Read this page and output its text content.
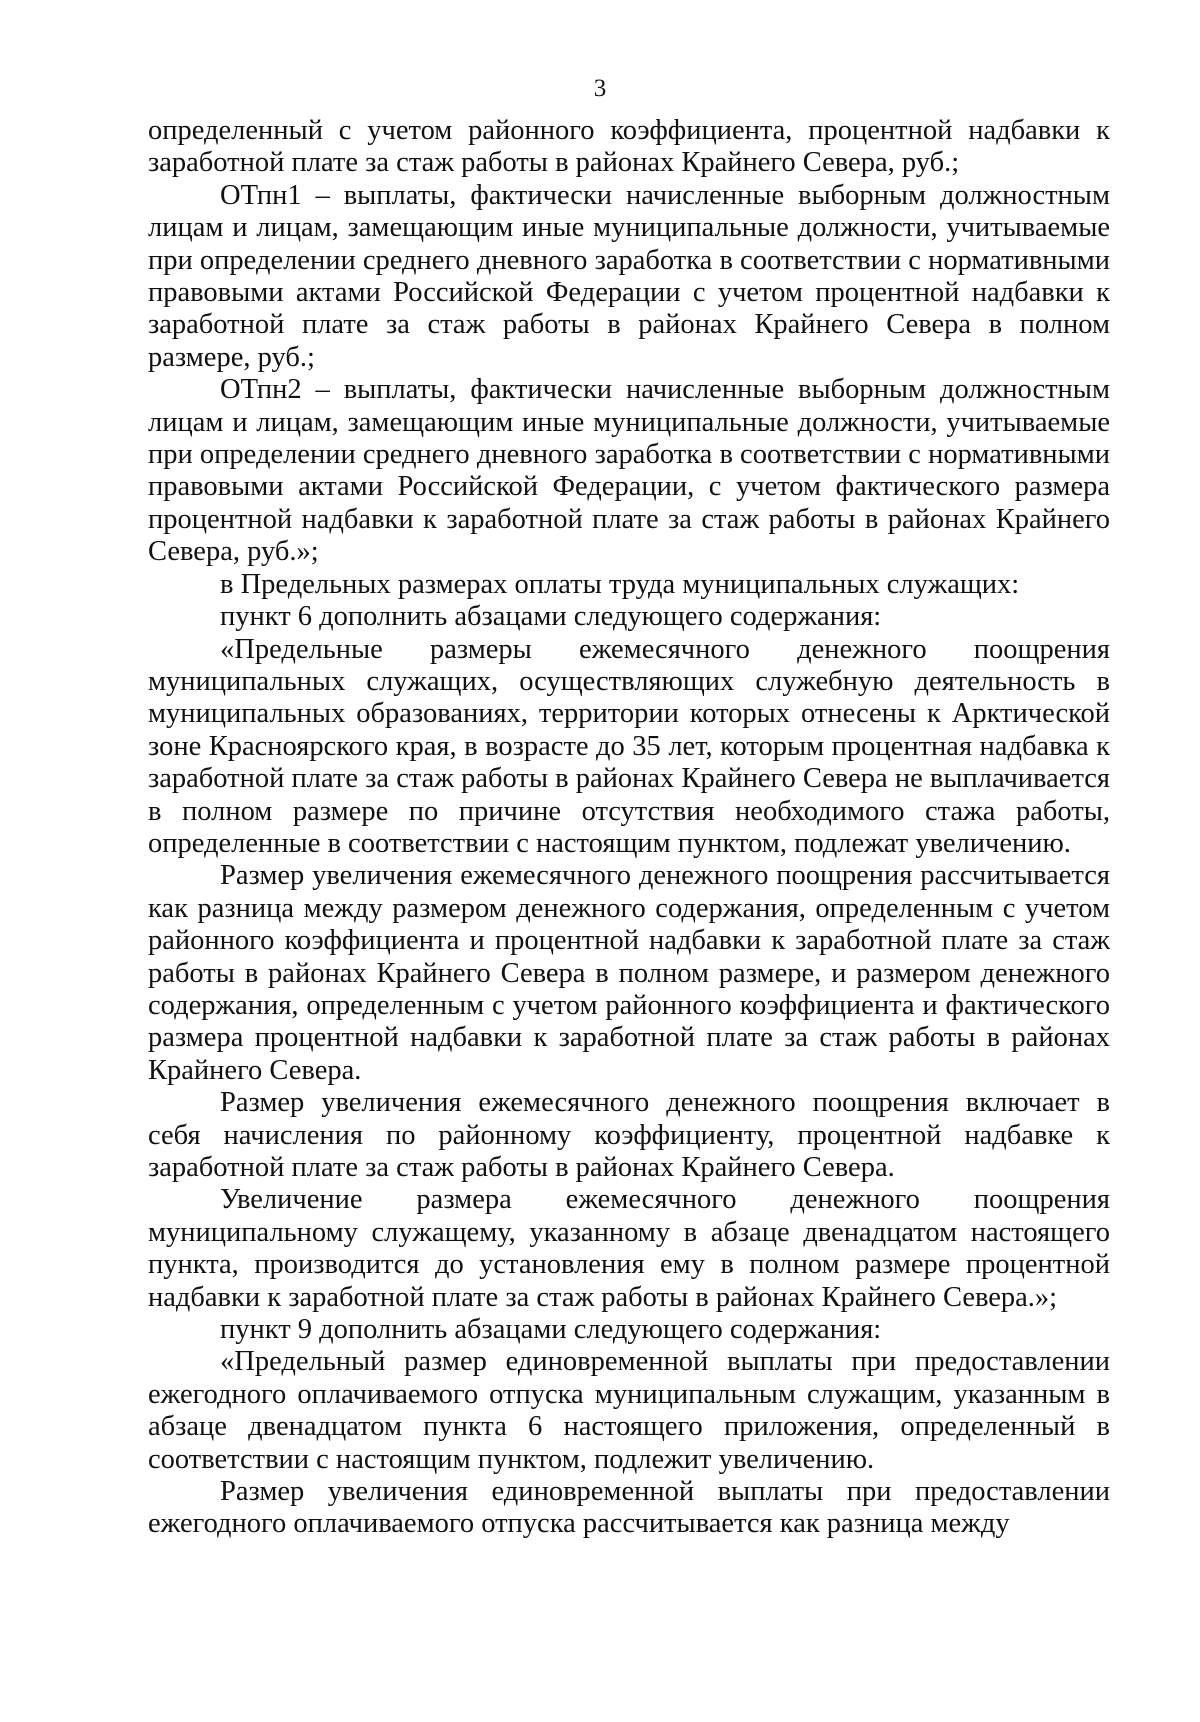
3

определенный с учетом районного коэффициента, процентной надбавки к заработной плате за стаж работы в районах Крайнего Севера, руб.;

ОТпн1 – выплаты, фактически начисленные выборным должностным лицам и лицам, замещающим иные муниципальные должности, учитываемые при определении среднего дневного заработка в соответствии с нормативными правовыми актами Российской Федерации с учетом процентной надбавки к заработной плате за стаж работы в районах Крайнего Севера в полном размере, руб.;

ОТпн2 – выплаты, фактически начисленные выборным должностным лицам и лицам, замещающим иные муниципальные должности, учитываемые при определении среднего дневного заработка в соответствии с нормативными правовыми актами Российской Федерации, с учетом фактического размера процентной надбавки к заработной плате за стаж работы в районах Крайнего Севера, руб.»;

в Предельных размерах оплаты труда муниципальных служащих:

пункт 6 дополнить абзацами следующего содержания:

«Предельные размеры ежемесячного денежного поощрения муниципальных служащих, осуществляющих служебную деятельность в муниципальных образованиях, территории которых отнесены к Арктической зоне Красноярского края, в возрасте до 35 лет, которым процентная надбавка к заработной плате за стаж работы в районах Крайнего Севера не выплачивается в полном размере по причине отсутствия необходимого стажа работы, определенные в соответствии с настоящим пунктом, подлежат увеличению.

Размер увеличения ежемесячного денежного поощрения рассчитывается как разница между размером денежного содержания, определенным с учетом районного коэффициента и процентной надбавки к заработной плате за стаж работы в районах Крайнего Севера в полном размере, и размером денежного содержания, определенным с учетом районного коэффициента и фактического размера процентной надбавки к заработной плате за стаж работы в районах Крайнего Севера.

Размер увеличения ежемесячного денежного поощрения включает в себя начисления по районному коэффициенту, процентной надбавке к заработной плате за стаж работы в районах Крайнего Севера.

Увеличение размера ежемесячного денежного поощрения муниципальному служащему, указанному в абзаце двенадцатом настоящего пункта, производится до установления ему в полном размере процентной надбавки к заработной плате за стаж работы в районах Крайнего Севера.»;

пункт 9 дополнить абзацами следующего содержания:

«Предельный размер единовременной выплаты при предоставлении ежегодного оплачиваемого отпуска муниципальным служащим, указанным в абзаце двенадцатом пункта 6 настоящего приложения, определенный в соответствии с настоящим пунктом, подлежит увеличению.

Размер увеличения единовременной выплаты при предоставлении ежегодного оплачиваемого отпуска рассчитывается как разница между
